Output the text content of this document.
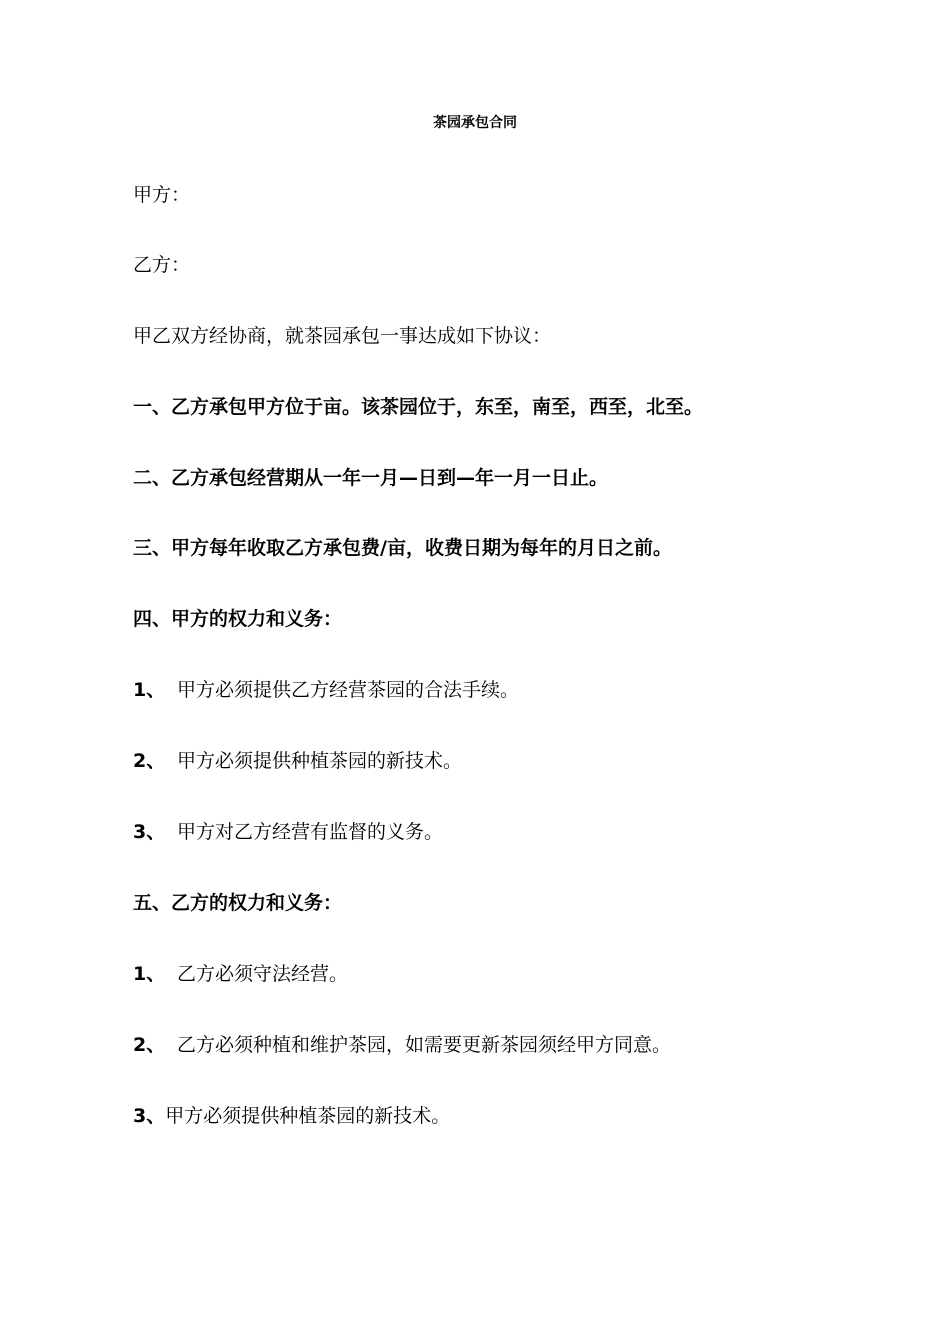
茶园承包合同
甲方：
乙方：
甲乙双方经协商，就茶园承包一事达成如下协议：
一、乙方承包甲方位于亩。该茶园位于，东至，南至，西至，北至。
二、乙方承包经营期从一年一月—日到—年一月一日止。
三、甲方每年收取乙方承包费/亩，收费日期为每年的月日之前。
四、甲方的权力和义务：
1、 甲方必须提供乙方经营茶园的合法手续。
2、 甲方必须提供种植茶园的新技术。
3、 甲方对乙方经营有监督的义务。
五、乙方的权力和义务：
1、 乙方必须守法经营。
2、 乙方必须种植和维护茶园，如需要更新茶园须经甲方同意。
3、甲方必须提供种植茶园的新技术。
